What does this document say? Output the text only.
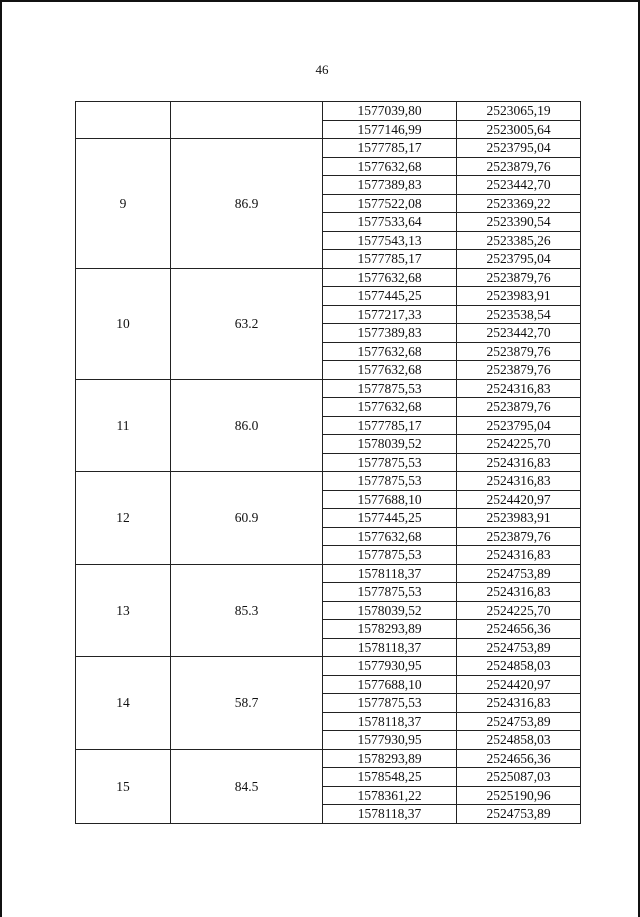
46
		1577039,80	2523065,19
		1577146,99	2523005,64
9	86.9	1577785,17	2523795,04
		1577632,68	2523879,76
		1577389,83	2523442,70
		1577522,08	2523369,22
		1577533,64	2523390,54
		1577543,13	2523385,26
		1577785,17	2523795,04
10	63.2	1577632,68	2523879,76
		1577445,25	2523983,91
		1577217,33	2523538,54
		1577389,83	2523442,70
		1577632,68	2523879,76
		1577632,68	2523879,76
11	86.0	1577875,53	2524316,83
		1577632,68	2523879,76
		1577785,17	2523795,04
		1578039,52	2524225,70
		1577875,53	2524316,83
12	60.9	1577875,53	2524316,83
		1577688,10	2524420,97
		1577445,25	2523983,91
		1577632,68	2523879,76
		1577875,53	2524316,83
13	85.3	1578118,37	2524753,89
		1577875,53	2524316,83
		1578039,52	2524225,70
		1578293,89	2524656,36
		1578118,37	2524753,89
14	58.7	1577930,95	2524858,03
		1577688,10	2524420,97
		1577875,53	2524316,83
		1578118,37	2524753,89
		1577930,95	2524858,03
15	84.5	1578293,89	2524656,36
		1578548,25	2525087,03
		1578361,22	2525190,96
		1578118,37	2524753,89
